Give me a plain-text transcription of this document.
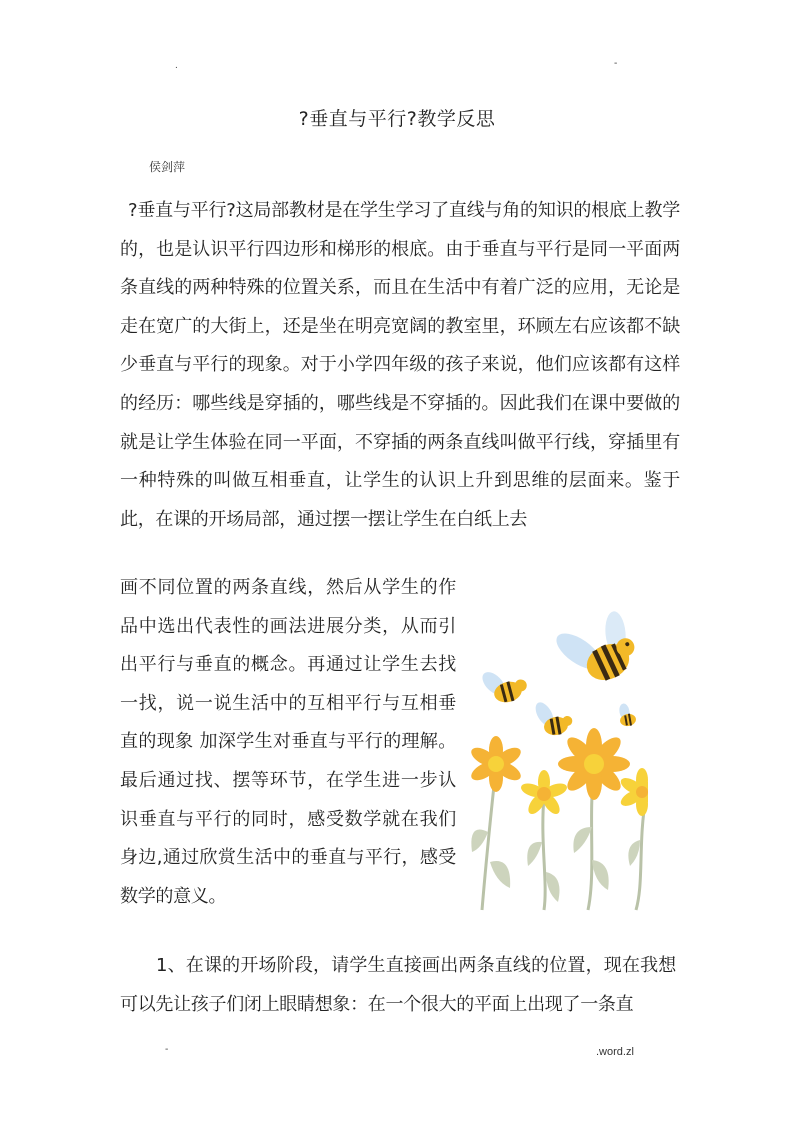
.	-
?垂直与平行?教学反思
侯剑萍

?垂直与平行?这局部教材是在学生学习了直线与角的知识的根底上教学的，也是认识平行四边形和梯形的根底。由于垂直与平行是同一平面两条直线的两种特殊的位置关系，而且在生活中有着广泛的应用，无论是走在宽广的大街上，还是坐在明亮宽阔的教室里，环顾左右应该都不缺少垂直与平行的现象。对于小学四年级的孩子来说，他们应该都有这样的经历：哪些线是穿插的，哪些线是不穿插的。因此我们在课中要做的就是让学生体验在同一平面，不穿插的两条直线叫做平行线，穿插里有一种特殊的叫做互相垂直，让学生的认识上升到思维的层面来。鉴于此，在课的开场局部，通过摆一摆让学生在白纸上去

画不同位置的两条直线，然后从学生的作品中选出代表性的画法进展分类，从而引出平行与垂直的概念。再通过让学生去找一找，说一说生活中的互相平行与互相垂直的现象 加深学生对垂直与平行的理解。最后通过找、摆等环节，在学生进一步认识垂直与平行的同时，感受数学就在我们身边,通过欣赏生活中的垂直与平行，感受数学的意义。

1、在课的开场阶段，请学生直接画出两条直线的位置，现在我想可以先让孩子们闭上眼睛想象：在一个很大的平面上出现了一条直

-	.word.zl
